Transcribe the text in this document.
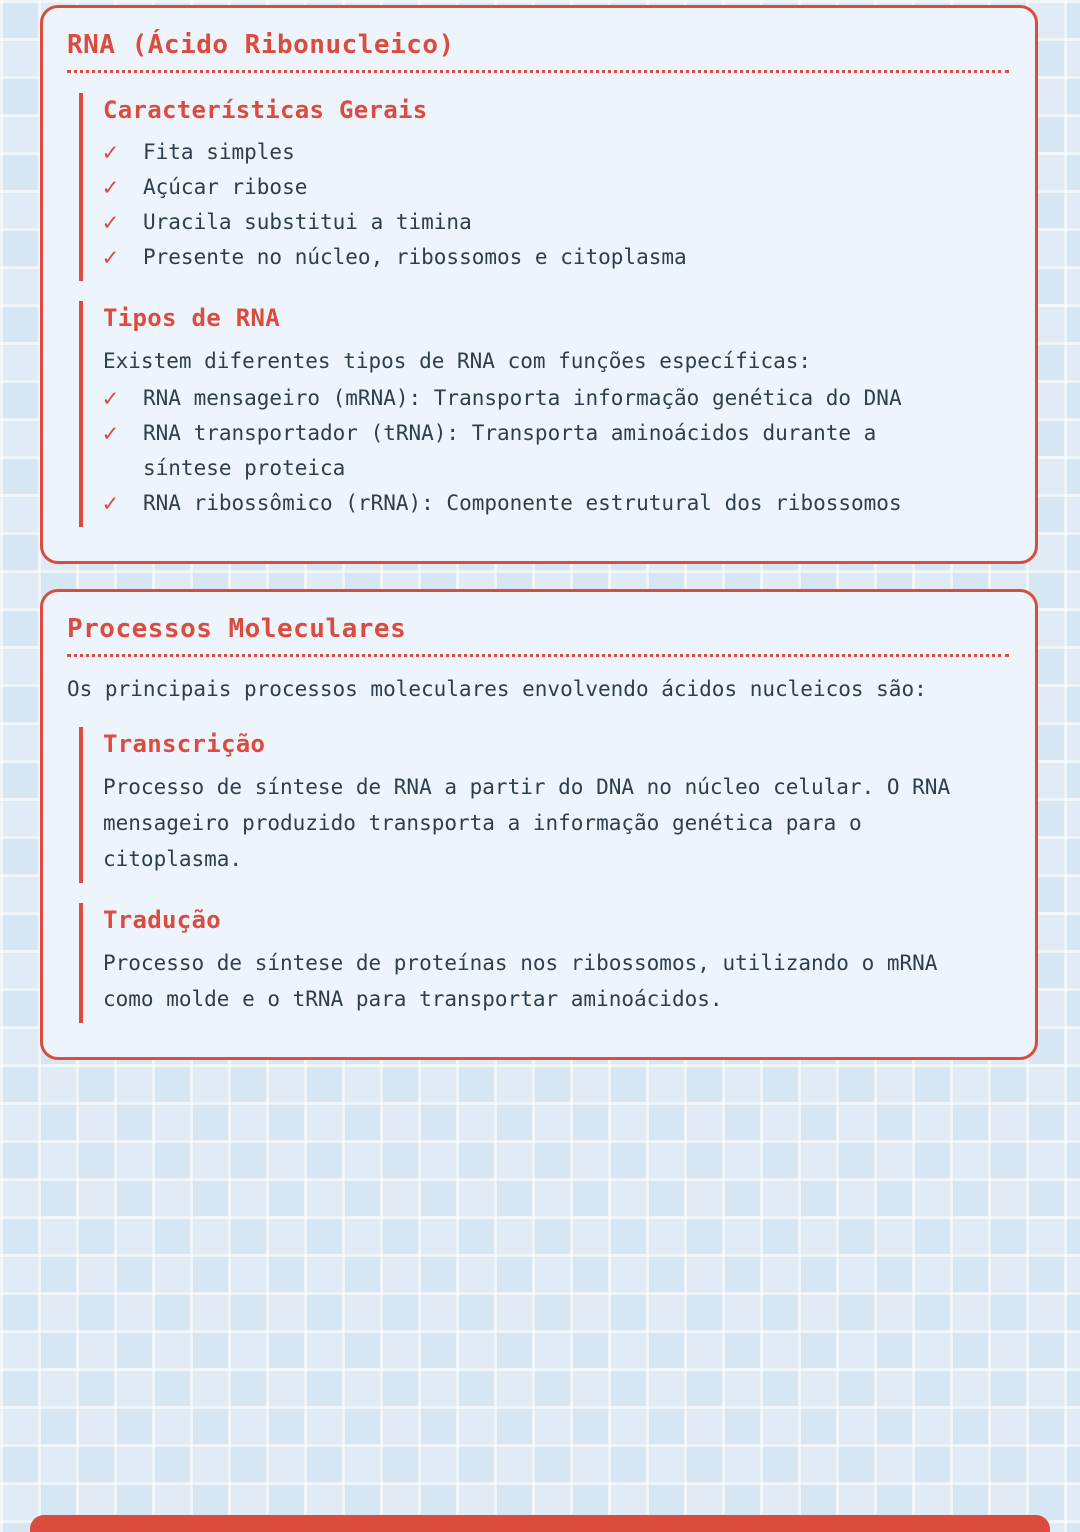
RNA (Ácido Ribonucleico)
Características Gerais
✓	Fita simples
✓	Açúcar ribose
✓	Uracila substitui a timina
✓	Presente no núcleo, ribossomos e citoplasma
Tipos de RNA

Existem diferentes tipos de RNA com funções específicas:

✓	RNA mensageiro (mRNA): Transporta informação genética do DNA
✓	RNA transportador (tRNA): Transporta aminoácidos durante a síntese proteica
✓	RNA ribossômico (rRNA): Componente estrutural dos ribossomos
Processos Moleculares

Os principais processos moleculares envolvendo ácidos nucleicos são:

Transcrição

Processo de síntese de RNA a partir do DNA no núcleo celular. O RNA mensageiro produzido transporta a informação genética para o citoplasma.

Tradução

Processo de síntese de proteínas nos ribossomos, utilizando o mRNA como molde e o tRNA para transportar aminoácidos.
